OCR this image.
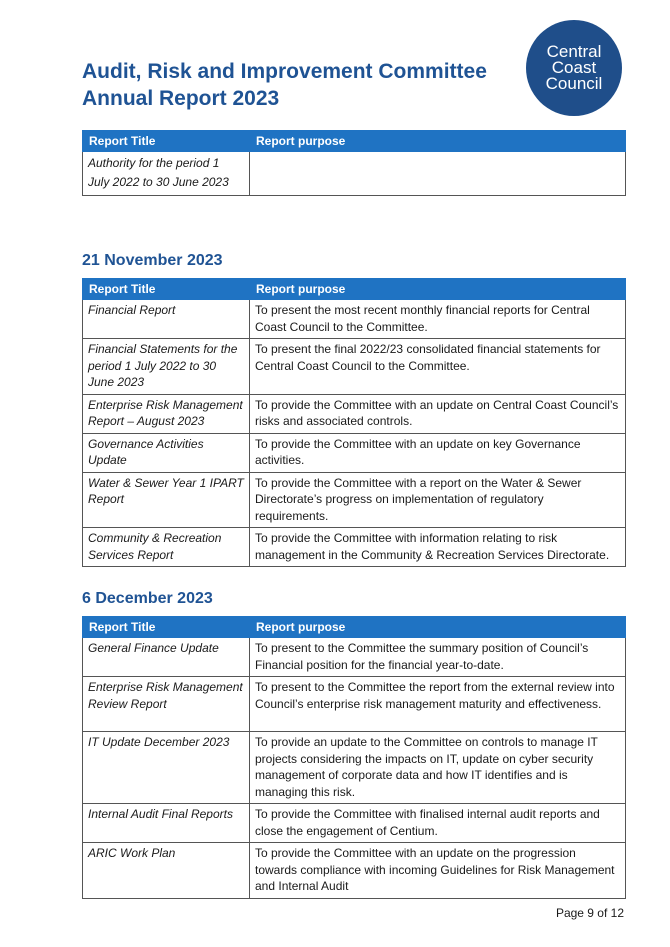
Audit, Risk and Improvement Committee
Annual Report 2023
Central
Coast
Council
Report Title	Report purpose
Authority for the period 1 July 2022 to 30 June 2023	
21 November 2023
Report Title	Report purpose
Financial Report	To present the most recent monthly financial reports for Central Coast Council to the Committee.
Financial Statements for the period 1 July 2022 to 30 June 2023	To present the final 2022/23 consolidated financial statements for Central Coast Council to the Committee.
Enterprise Risk Management Report – August 2023	To provide the Committee with an update on Central Coast Council’s risks and associated controls.
Governance Activities Update	To provide the Committee with an update on key Governance activities.
Water & Sewer Year 1 IPART Report	To provide the Committee with a report on the Water & Sewer Directorate’s progress on implementation of regulatory requirements.
Community & Recreation Services Report	To provide the Committee with information relating to risk management in the Community & Recreation Services Directorate.
6 December 2023
Report Title	Report purpose
General Finance Update	To present to the Committee the summary position of Council’s Financial position for the financial year-to-date.
Enterprise Risk Management Review Report	To present to the Committee the report from the external review into Council’s enterprise risk management maturity and effectiveness.
IT Update December 2023	To provide an update to the Committee on controls to manage IT projects considering the impacts on IT, update on cyber security management of corporate data and how IT identifies and is managing this risk.
Internal Audit Final Reports	To provide the Committee with finalised internal audit reports and close the engagement of Centium.
ARIC Work Plan	To provide the Committee with an update on the progression towards compliance with incoming Guidelines for Risk Management and Internal Audit
Page 9 of 12
